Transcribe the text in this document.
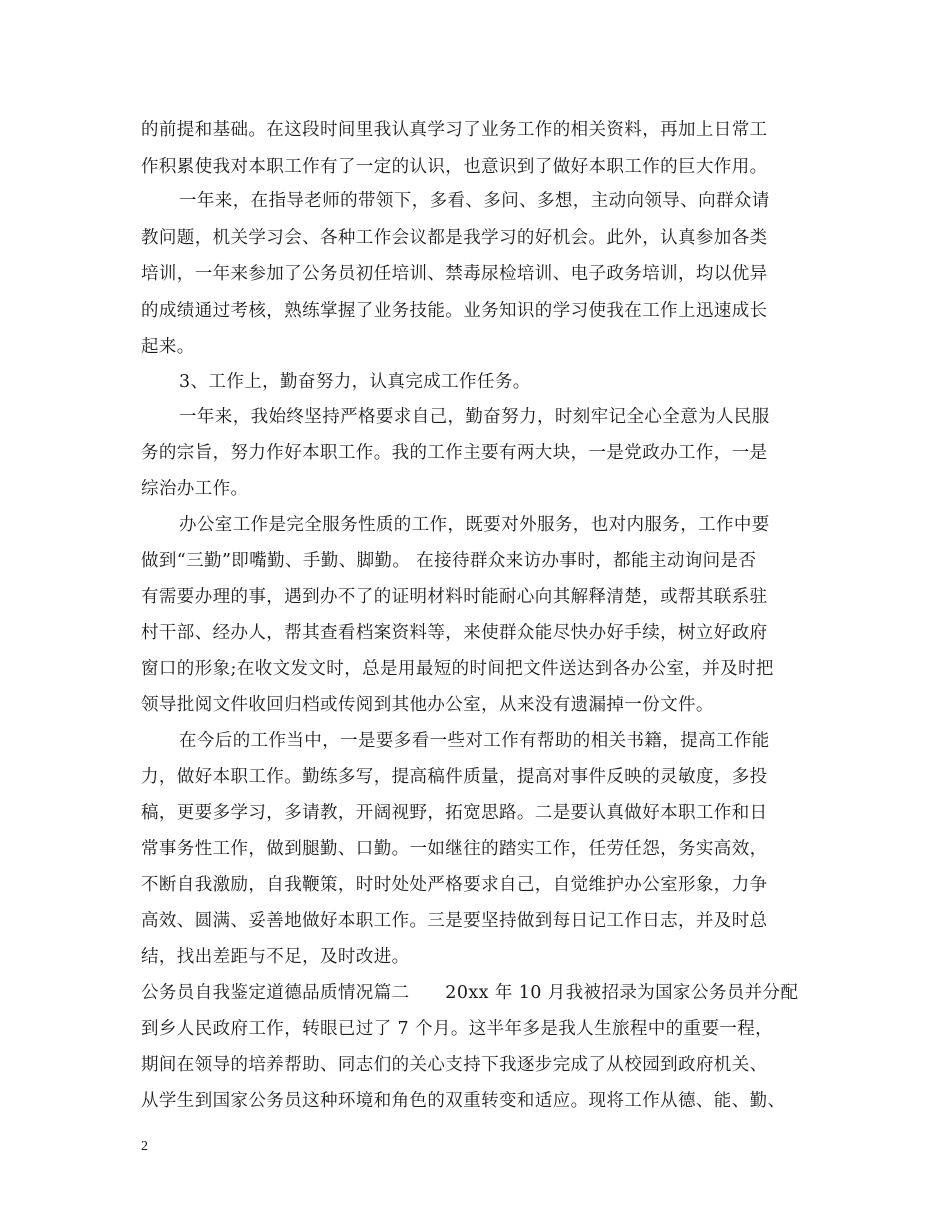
的前提和基础。在这段时间里我认真学习了业务工作的相关资料，再加上日常工
作积累使我对本职工作有了一定的认识，也意识到了做好本职工作的巨大作用。
一年来，在指导老师的带领下，多看、多问、多想，主动向领导、向群众请
教问题，机关学习会、各种工作会议都是我学习的好机会。此外，认真参加各类
培训，一年来参加了公务员初任培训、禁毒尿检培训、电子政务培训，均以优异
的成绩通过考核，熟练掌握了业务技能。业务知识的学习使我在工作上迅速成长
起来。
3、工作上，勤奋努力，认真完成工作任务。
一年来，我始终坚持严格要求自己，勤奋努力，时刻牢记全心全意为人民服
务的宗旨，努力作好本职工作。我的工作主要有两大块，一是党政办工作，一是
综治办工作。
办公室工作是完全服务性质的工作，既要对外服务，也对内服务，工作中要
做到“三勤”即嘴勤、手勤、脚勤。 在接待群众来访办事时，都能主动询问是否
有需要办理的事，遇到办不了的证明材料时能耐心向其解释清楚，或帮其联系驻
村干部、经办人，帮其查看档案资料等，来使群众能尽快办好手续，树立好政府
窗口的形象;在收文发文时，总是用最短的时间把文件送达到各办公室，并及时把
领导批阅文件收回归档或传阅到其他办公室，从来没有遗漏掉一份文件。
在今后的工作当中，一是要多看一些对工作有帮助的相关书籍，提高工作能
力，做好本职工作。勤练多写，提高稿件质量，提高对事件反映的灵敏度，多投
稿，更要多学习，多请教，开阔视野，拓宽思路。二是要认真做好本职工作和日
常事务性工作，做到腿勤、口勤。一如继往的踏实工作，任劳任怨，务实高效，
不断自我激励，自我鞭策，时时处处严格要求自己，自觉维护办公室形象，力争
高效、圆满、妥善地做好本职工作。三是要坚持做到每日记工作日志，并及时总
结，找出差距与不足，及时改进。
公务员自我鉴定道德品质情况篇二　　20xx 年 10 月我被招录为国家公务员并分配
到乡人民政府工作，转眼已过了 7 个月。这半年多是我人生旅程中的重要一程，
期间在领导的培养帮助、同志们的关心支持下我逐步完成了从校园到政府机关、
从学生到国家公务员这种环境和角色的双重转变和适应。现将工作从德、能、勤、
2
